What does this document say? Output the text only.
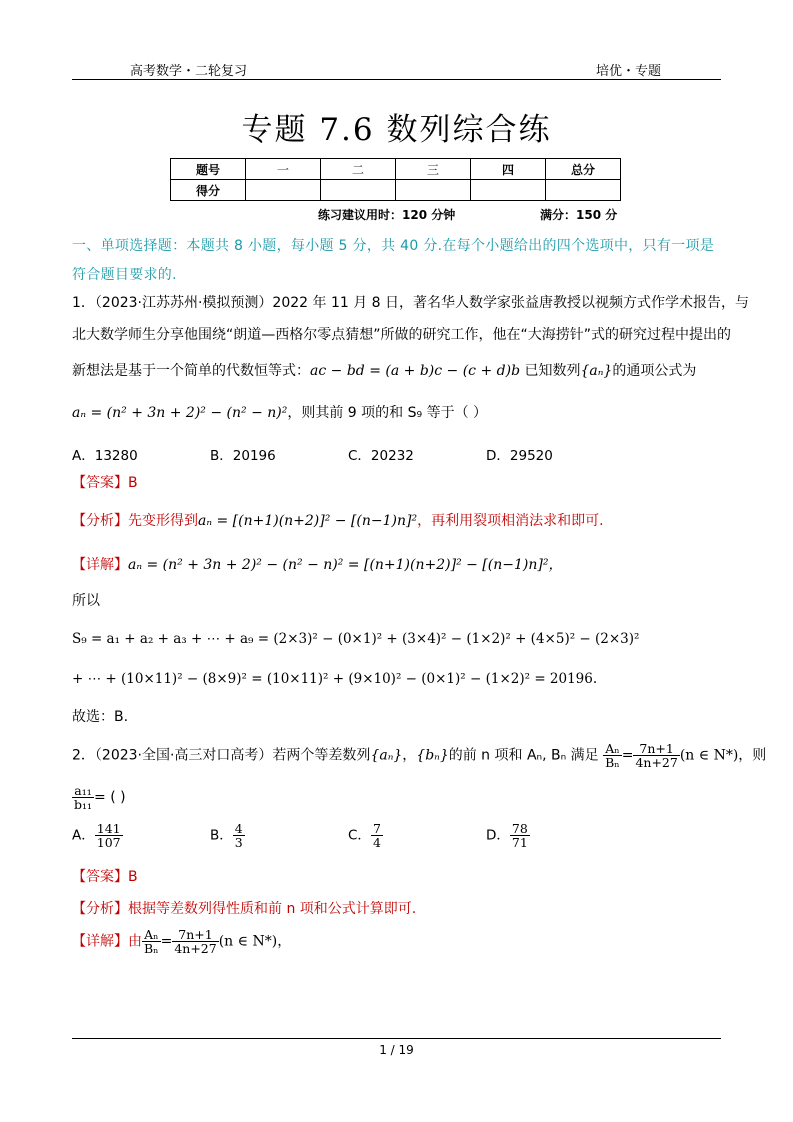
高考数学・二轮复习	培优・专题
专题 7.6 数列综合练
题号	一	二	三	四	总分
得分					
练习建议用时：120 分钟	满分：150 分
一、单项选择题：本题共 8 小题，每小题 5 分，共 40 分.在每个小题给出的四个选项中，只有一项是符合题目要求的.
1．（2023·江苏苏州·模拟预测）2022 年 11 月 8 日，著名华人数学家张益唐教授以视频方式作学术报告，与
北大数学师生分享他围绕“朗道—西格尔零点猜想”所做的研究工作，他在“大海捞针”式的研究过程中提出的
新想法是基于一个简单的代数恒等式：ac − bd = (a + b)c − (c + d)b 已知数列{aₙ}的通项公式为
aₙ = (n² + 3n + 2)² − (n² − n)²，则其前 9 项的和 S₉ 等于（ ）
A．13280	B．20196	C．20232	D．29520
【答案】B
【分析】先变形得到aₙ = [(n+1)(n+2)]² − [(n−1)n]²，再利用裂项相消法求和即可.
【详解】aₙ = (n² + 3n + 2)² − (n² − n)² = [(n+1)(n+2)]² − [(n−1)n]²，
所以
S₉ = a₁ + a₂ + a₃ + ⋯ + a₉ = (2×3)² − (0×1)² + (3×4)² − (1×2)² + (4×5)² − (2×3)²
+ ⋯ + (10×11)² − (8×9)² = (10×11)² + (9×10)² − (0×1)² − (1×2)² = 20196.
故选：B.
2．（2023·全国·高三对口高考）若两个等差数列{aₙ}，{bₙ}的前 n 项和 Aₙ, Bₙ 满足 $\frac{\text{Aₙ}}{\text{Bₙ}} = \frac{7n+1}{4n+27} (n$ ∈ N*)，则
$\frac{\text{a₁₁}}{\text{b₁₁}}$ = ( )
A． $\frac{141}{107}$	B． $\frac{4}{3}$	C． $\frac{7}{4}$	D． $\frac{78}{71}$
【答案】B
【分析】根据等差数列得性质和前 n 项和公式计算即可.
【详解】由 $\frac{\text{Aₙ}}{\text{Bₙ}} = \frac{7n+1}{4n+27} (n$ ∈ N*)，
1 / 19
